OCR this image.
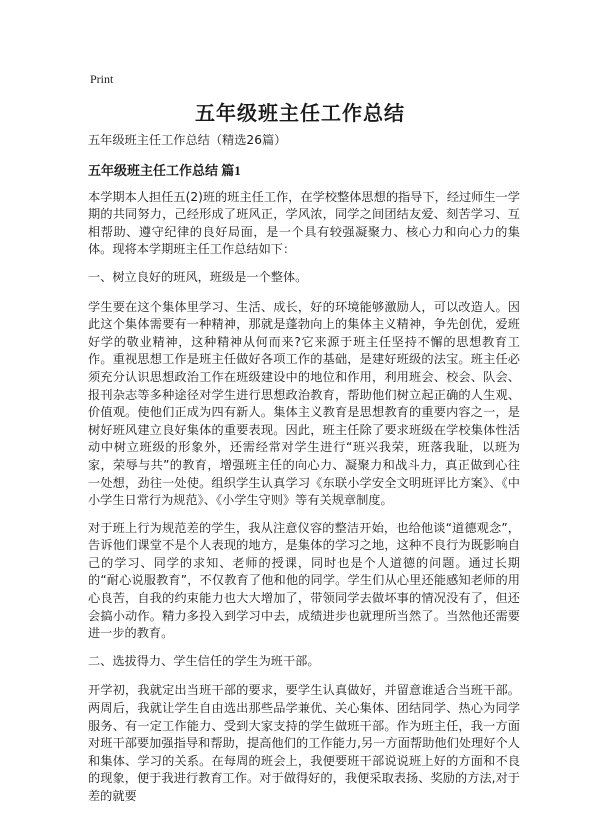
Print
五年级班主任工作总结

五年级班主任工作总结（精选26篇）

五年级班主任工作总结 篇1

本学期本人担任五(2)班的班主任工作，在学校整体思想的指导下，经过师生一学期的共同努力，己经形成了班风正，学风浓，同学之间团结友爱、刻苦学习、互相帮助、遵守纪律的良好局面，是一个具有较强凝聚力、核心力和向心力的集体。现将本学期班主任工作总结如下：

一、树立良好的班风，班级是一个整体。

学生要在这个集体里学习、生活、成长，好的环境能够激励人，可以改造人。因此这个集体需要有一种精神，那就是蓬勃向上的集体主义精神，争先创优，爱班好学的敬业精神，这种精神从何而来?它来源于班主任坚持不懈的思想教育工作。重视思想工作是班主任做好各项工作的基础，是建好班级的法宝。班主任必须充分认识思想政治工作在班级建设中的地位和作用，利用班会、校会、队会、报刊杂志等多种途径对学生进行思想政治教育，帮助他们树立起正确的人生观、价值观。使他们正成为四有新人。集体主义教育是思想教育的重要内容之一，是树好班风建立良好集体的重要表现。因此，班主任除了要求班级在学校集体性活动中树立班级的形象外，还需经常对学生进行“班兴我荣，班落我耻，以班为家，荣辱与共”的教育，增强班主任的向心力、凝聚力和战斗力，真正做到心往一处想，劲往一处使。组织学生认真学习《东联小学安全文明班评比方案》、《中小学生日常行为规范》、《小学生守则》等有关规章制度。

对于班上行为规范差的学生，我从注意仪容的整洁开始，也给他谈“道德观念”，告诉他们课堂不是个人表现的地方，是集体的学习之地，这种不良行为既影响自己的学习、同学的求知、老师的授课，同时也是个人道德的问题。通过长期的“耐心说服教育”，不仅教育了他和他的同学。学生们从心里还能感知老师的用心良苦，自我的约束能力也大大增加了，带领同学去做坏事的情况没有了，但还会搞小动作。精力多投入到学习中去，成绩进步也就理所当然了。当然他还需要进一步的教育。

二、选拔得力、学生信任的学生为班干部。

开学初，我就定出当班干部的要求，要学生认真做好，并留意谁适合当班干部。两周后，我就让学生自由选出那些品学兼优、关心集体、团结同学、热心为同学服务、有一定工作能力、受到大家支持的学生做班干部。作为班主任，我一方面对班干部要加强指导和帮助，提高他们的工作能力,另一方面帮助他们处理好个人和集体、学习的关系。在每周的班会上，我便要班干部说说班上好的方面和不良的现象，便于我进行教育工作。对于做得好的，我便采取表扬、奖励的方法,对于差的就要
